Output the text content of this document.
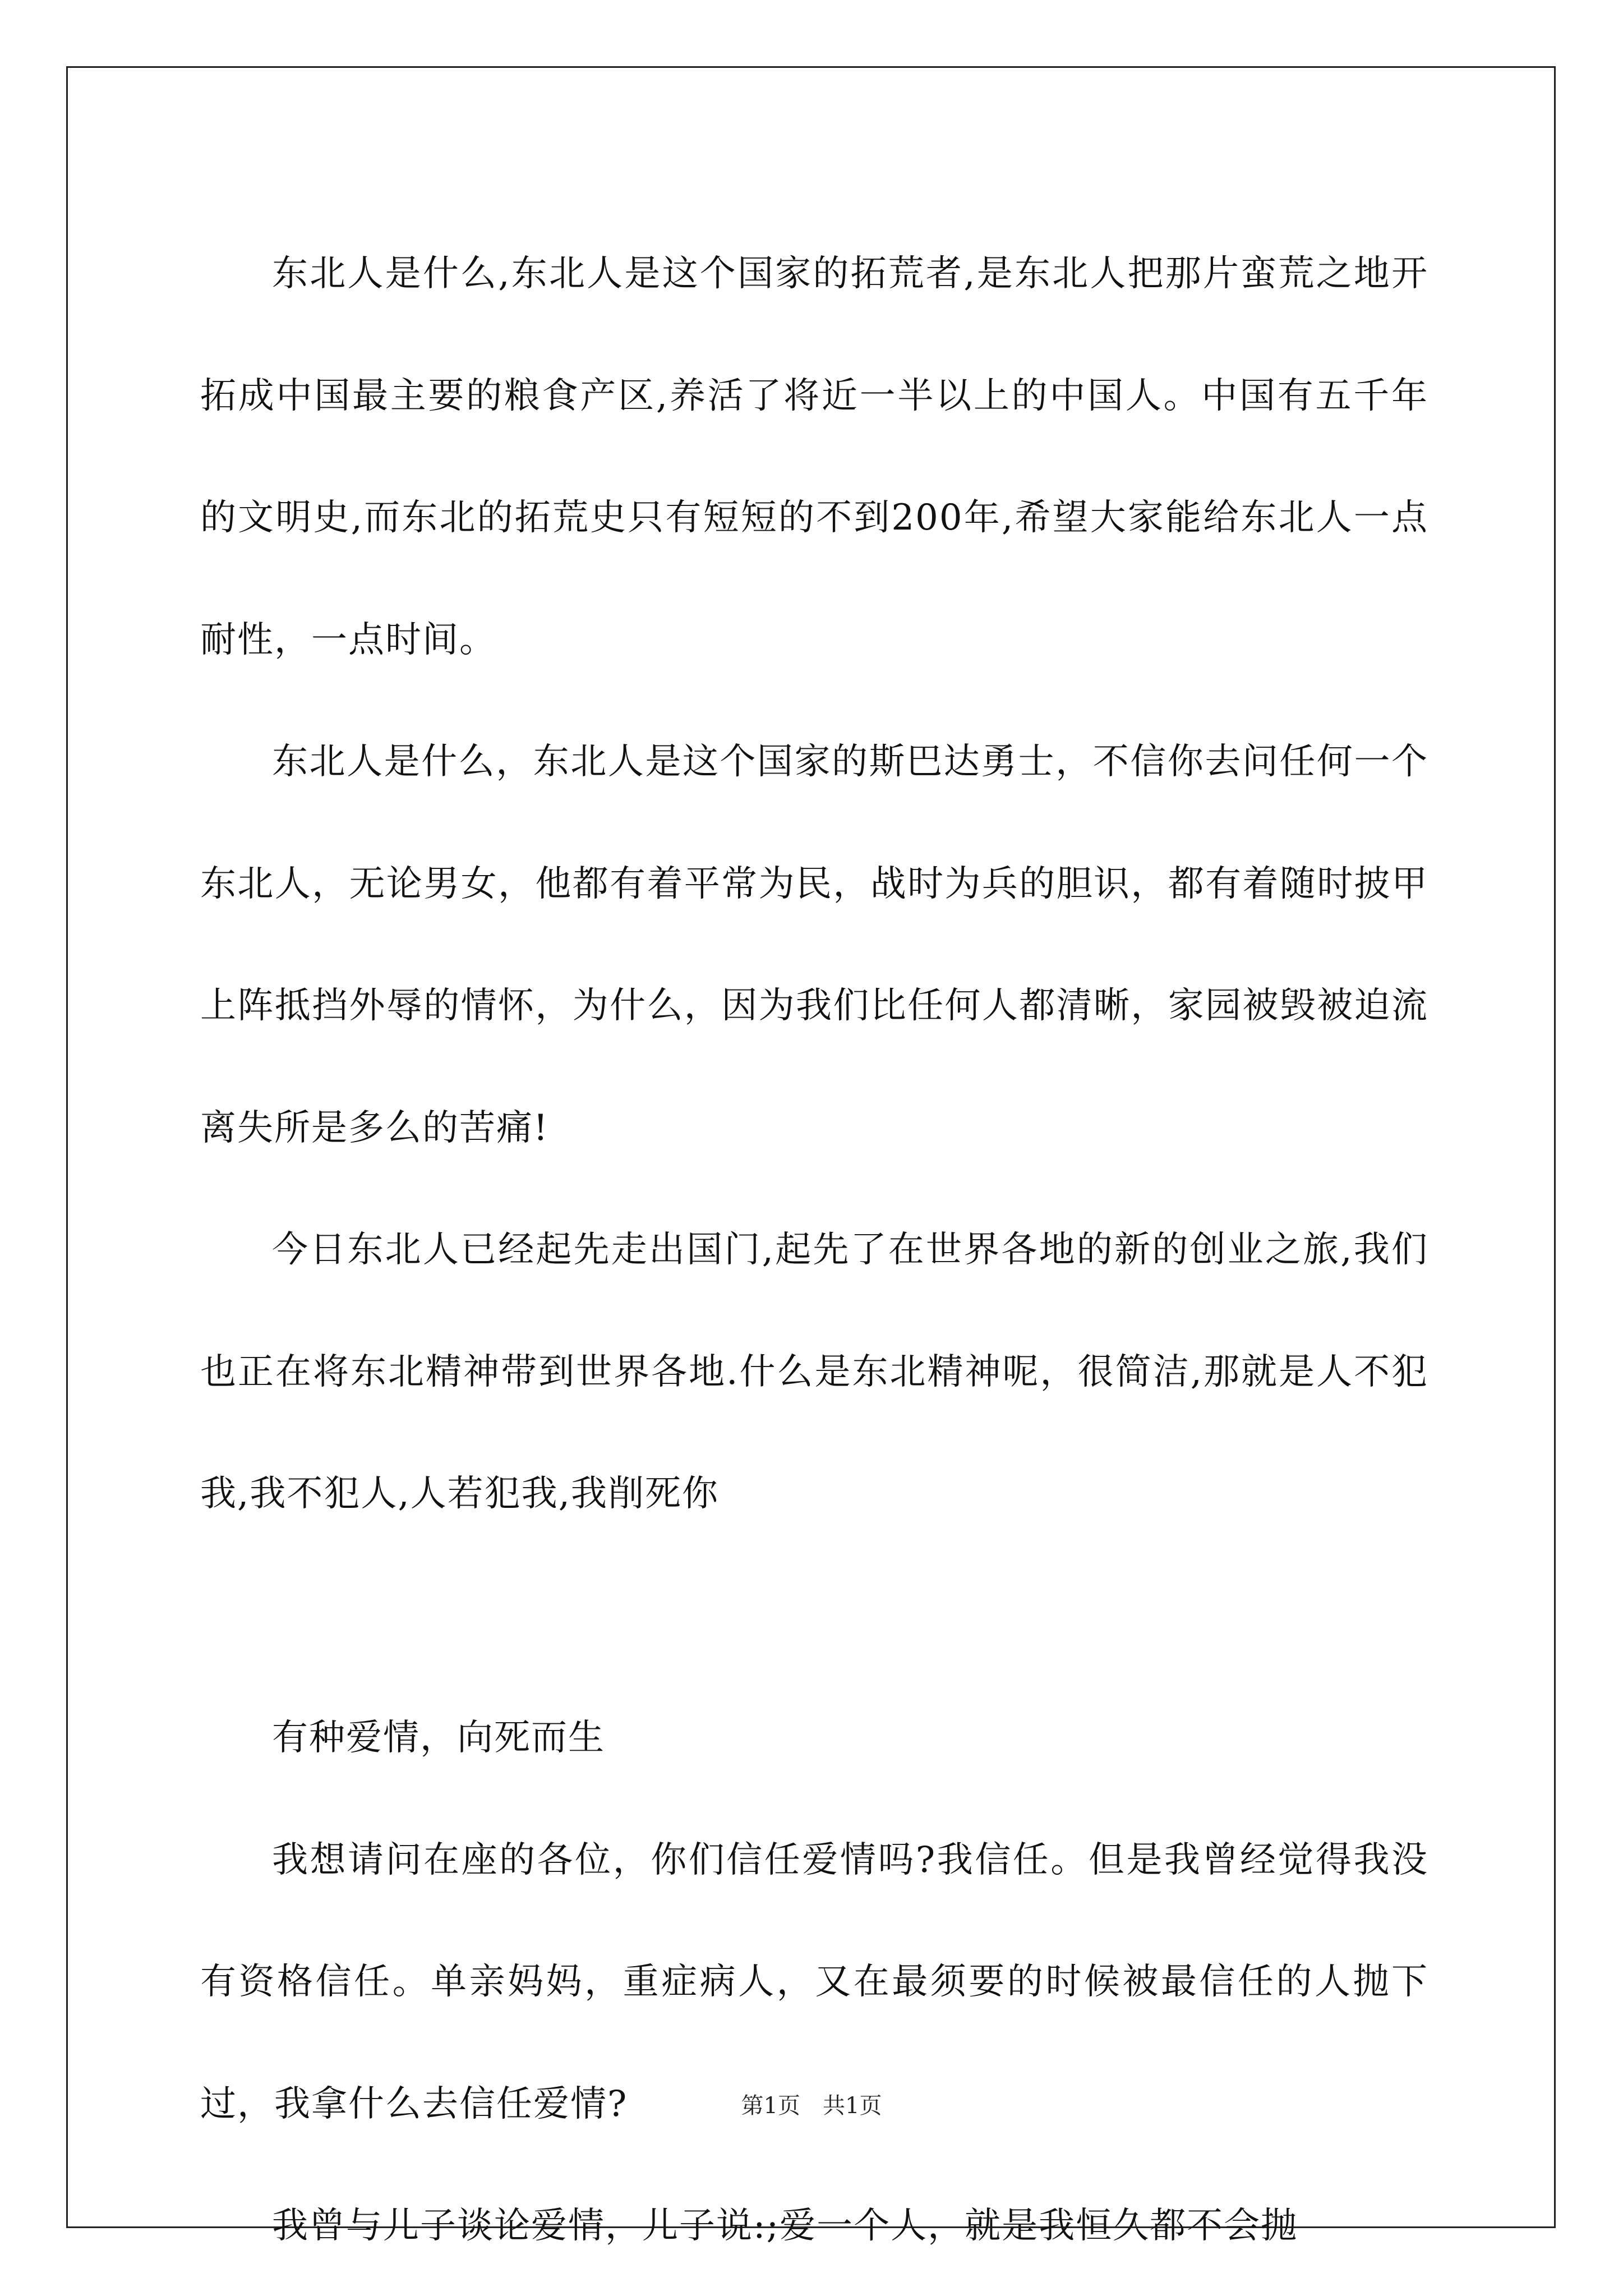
东北人是什么,东北人是这个国家的拓荒者,是东北人把那片蛮荒之地开拓成中国最主要的粮食产区,养活了将近一半以上的中国人。中国有五千年的文明史,而东北的拓荒史只有短短的不到200年,希望大家能给东北人一点耐性，一点时间。

东北人是什么，东北人是这个国家的斯巴达勇士，不信你去问任何一个东北人，无论男女，他都有着平常为民，战时为兵的胆识，都有着随时披甲上阵抵挡外辱的情怀，为什么，因为我们比任何人都清晰，家园被毁被迫流离失所是多么的苦痛!

今日东北人已经起先走出国门,起先了在世界各地的新的创业之旅,我们也正在将东北精神带到世界各地.什么是东北精神呢，很简洁,那就是人不犯我,我不犯人,人若犯我,我削死你

有种爱情，向死而生

我想请问在座的各位，你们信任爱情吗?我信任。但是我曾经觉得我没有资格信任。单亲妈妈，重症病人，又在最须要的时候被最信任的人抛下过，我拿什么去信任爱情?

我曾与儿子谈论爱情，儿子说:;爱一个人，就是我恒久都不会抛

第1页　共1页
